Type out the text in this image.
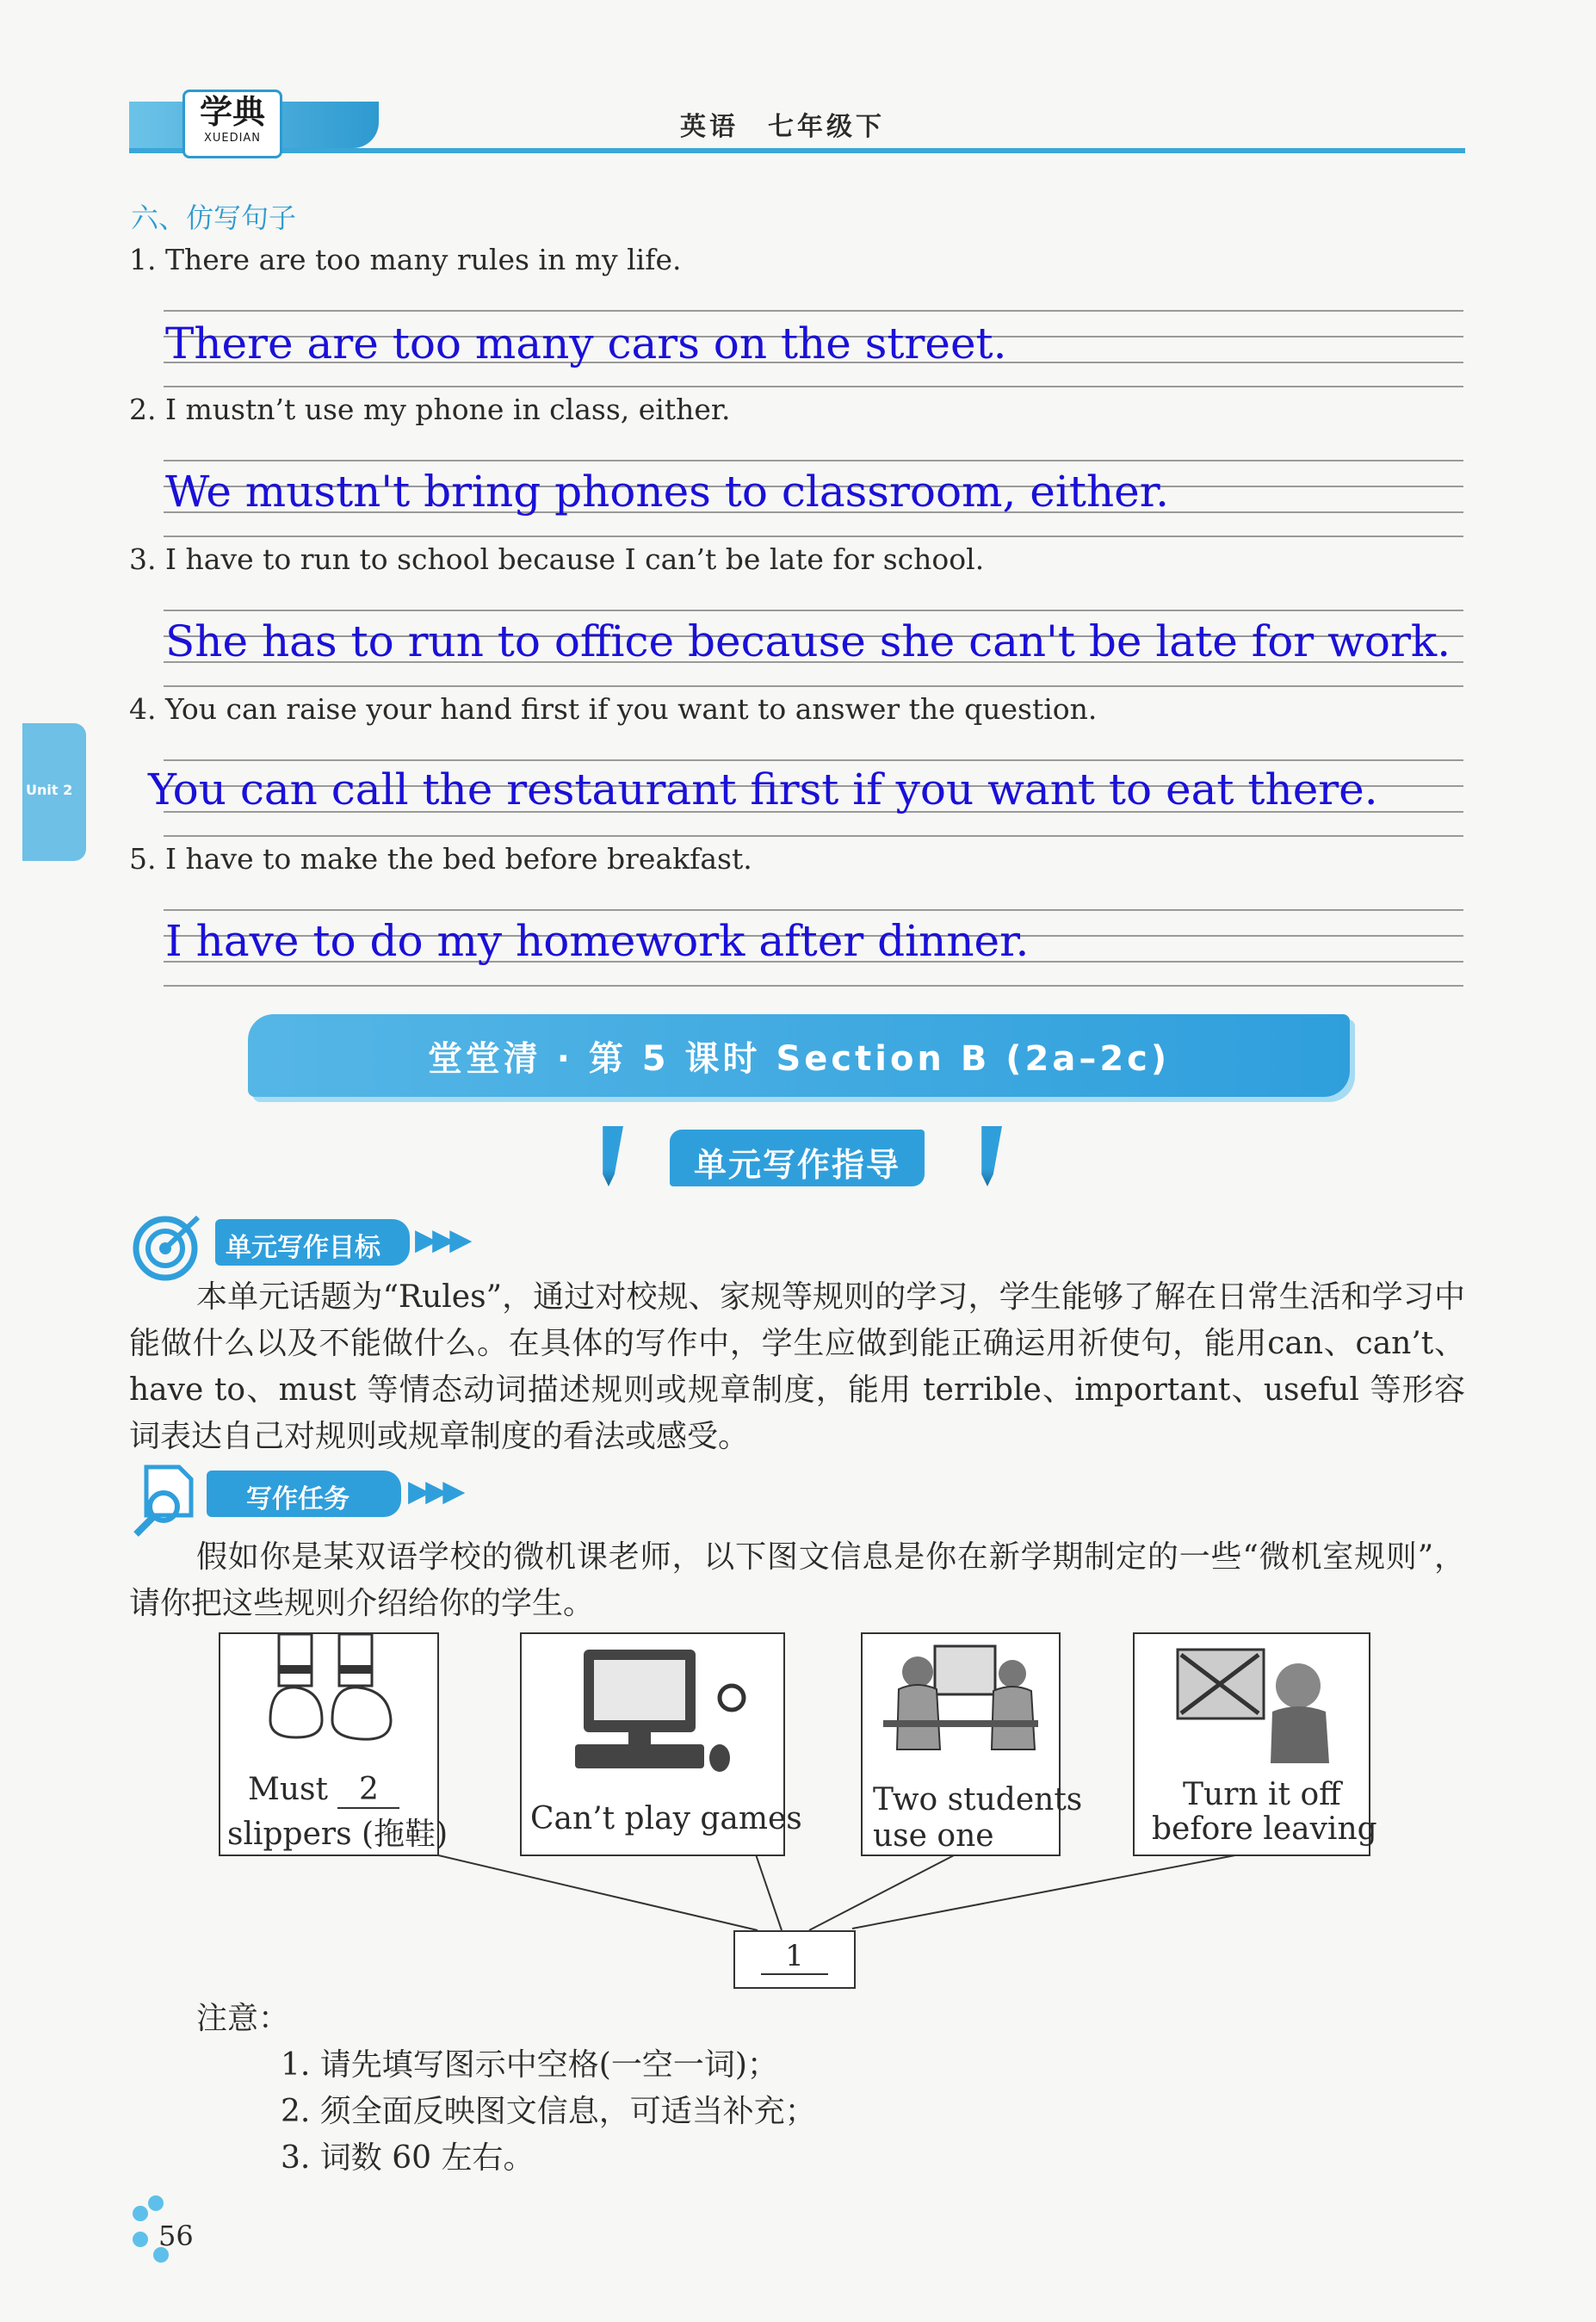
学典
XUEDIAN	英语　七年级下
Unit 2
六、仿写句子
1. There are too many rules in my life.
There are too many cars on the street.
2. I mustn’t use my phone in class, either.
We mustn't bring phones to classroom, either.
3. I have to run to school because I can’t be late for school.
She has to run to office because she can't be late for work.
4. You can raise your hand first if you want to answer the question.
You can call the restaurant first if you want to eat there.
5. I have to make the bed before breakfast.
I have to do my homework after dinner.
堂堂清 · 第 5 课时 Section B (2a–2c)
单元写作指导
单元写作目标 ▶▶▶
本单元话题为“Rules”，通过对校规、家规等规则的学习，学生能够了解在日常生活和学习中能做什么以及不能做什么。在具体的写作中，学生应做到能正确运用祈使句，能用can、can’t、have to、must 等情态动词描述规则或规章制度，能用 terrible、important、useful 等形容词表达自己对规则或规章制度的看法或感受。
写作任务 ▶▶▶
假如你是某双语学校的微机课老师，以下图文信息是你在新学期制定的一些“微机室规则”，请你把这些规则介绍给你的学生。
Must 2
slippers (拖鞋)	Can’t play games
Two students
use one
Turn it off
before leaving
1
注意：
1. 请先填写图示中空格(一空一词)；
2. 须全面反映图文信息，可适当补充；
3. 词数 60 左右。
56
